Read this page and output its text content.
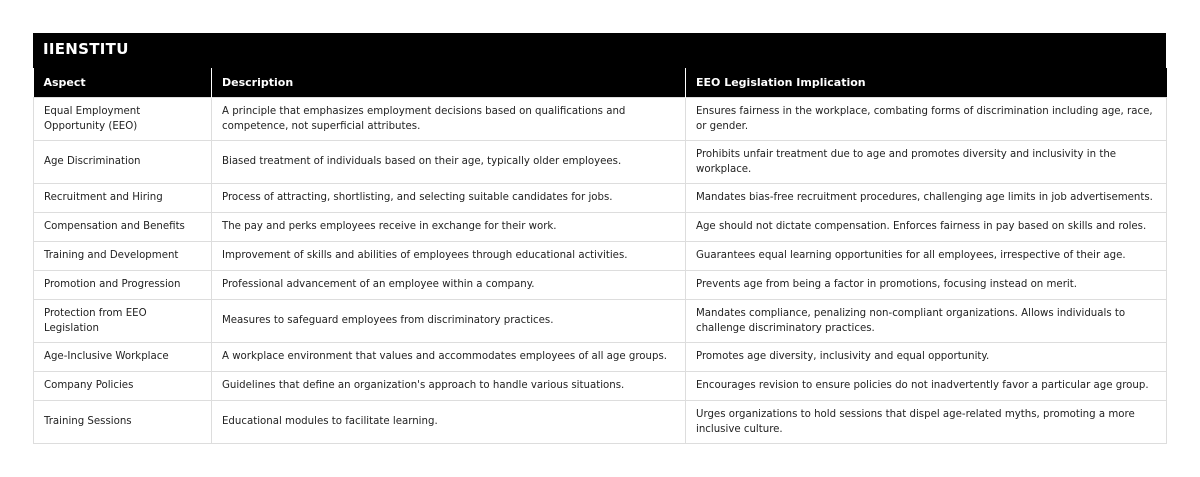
IIENSTITU
Aspect	Description	EEO Legislation Implication
Equal Employment Opportunity (EEO)	A principle that emphasizes employment decisions based on qualifications and competence, not superficial attributes.	Ensures fairness in the workplace, combating forms of discrimination including age, race, or gender.
Age Discrimination	Biased treatment of individuals based on their age, typically older employees.	Prohibits unfair treatment due to age and promotes diversity and inclusivity in the workplace.
Recruitment and Hiring	Process of attracting, shortlisting, and selecting suitable candidates for jobs.	Mandates bias-free recruitment procedures, challenging age limits in job advertisements.
Compensation and Benefits	The pay and perks employees receive in exchange for their work.	Age should not dictate compensation. Enforces fairness in pay based on skills and roles.
Training and Development	Improvement of skills and abilities of employees through educational activities.	Guarantees equal learning opportunities for all employees, irrespective of their age.
Promotion and Progression	Professional advancement of an employee within a company.	Prevents age from being a factor in promotions, focusing instead on merit.
Protection from EEO Legislation	Measures to safeguard employees from discriminatory practices.	Mandates compliance, penalizing non-compliant organizations. Allows individuals to challenge discriminatory practices.
Age-Inclusive Workplace	A workplace environment that values and accommodates employees of all age groups.	Promotes age diversity, inclusivity and equal opportunity.
Company Policies	Guidelines that define an organization's approach to handle various situations.	Encourages revision to ensure policies do not inadvertently favor a particular age group.
Training Sessions	Educational modules to facilitate learning.	Urges organizations to hold sessions that dispel age-related myths, promoting a more inclusive culture.
